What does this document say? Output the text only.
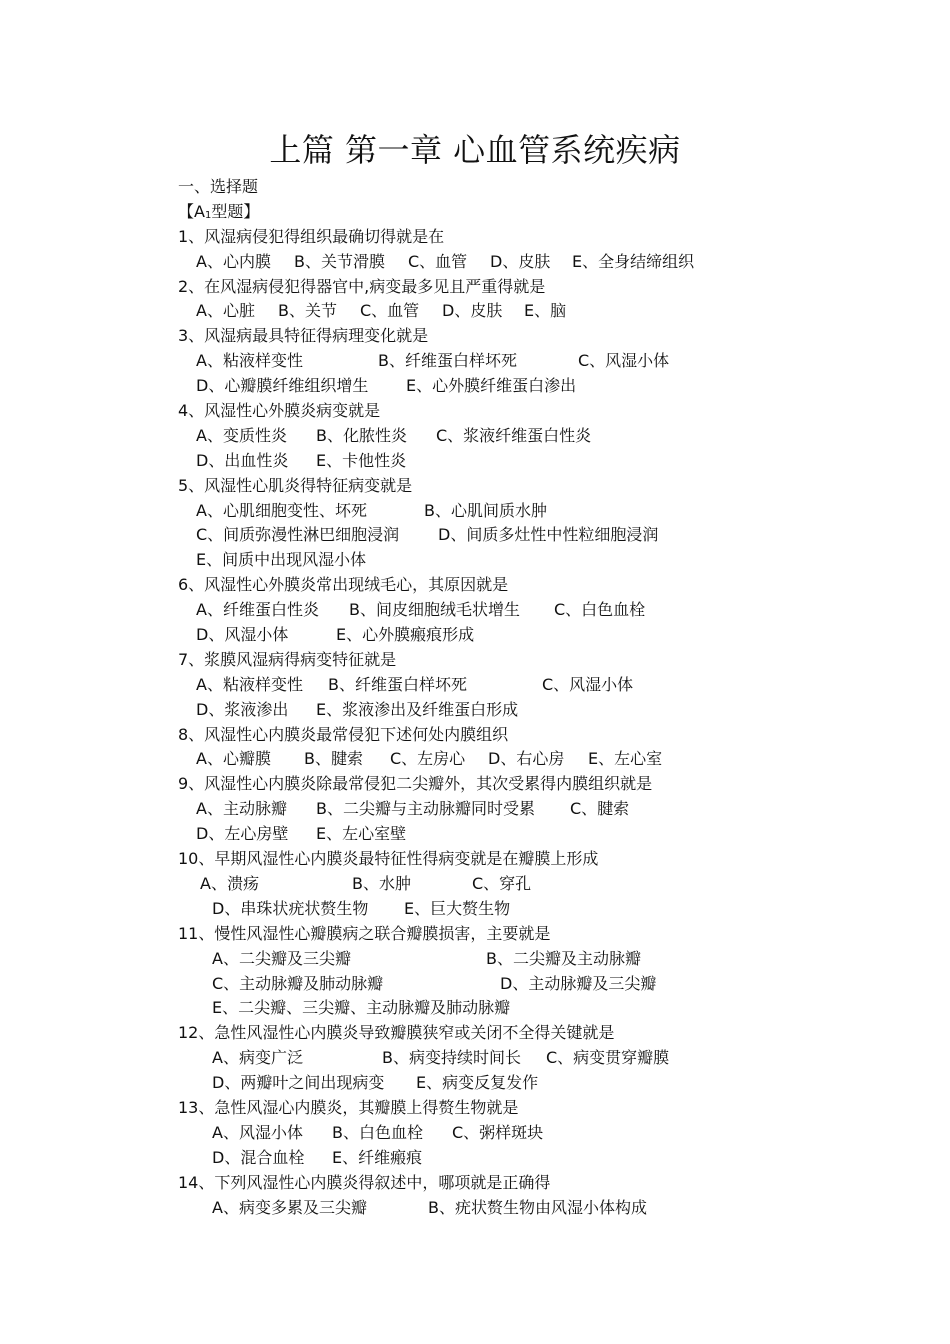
上篇 第一章 心血管系统疾病
一、选择题
【$A_1$型题】
1、风湿病侵犯得组织最确切得就是在
A、心内膜 B、关节滑膜 C、血管 D、皮肤 E、全身结缔组织
2、在风湿病侵犯得器官中,病变最多见且严重得就是
A、心脏 B、关节 C、血管 D、皮肤 E、脑
3、风湿病最具特征得病理变化就是
A、粘液样变性	B、纤维蛋白样坏死	C、风湿小体
D、心瓣膜纤维组织增生 E、心外膜纤维蛋白渗出
4、风湿性心外膜炎病变就是
A、变质性炎 B、化脓性炎 C、浆液纤维蛋白性炎
D、出血性炎 E、卡他性炎
5、风湿性心肌炎得特征病变就是
A、心肌细胞变性、坏死	B、心肌间质水肿
C、间质弥漫性淋巴细胞浸润 D、间质多灶性中性粒细胞浸润
E、间质中出现风湿小体
6、风湿性心外膜炎常出现绒毛心，其原因就是
A、纤维蛋白性炎 B、间皮细胞绒毛状增生 C、白色血栓
D、风湿小体	E、心外膜瘢痕形成
7、浆膜风湿病得病变特征就是
A、粘液样变性 B、纤维蛋白样坏死	C、风湿小体
D、浆液渗出 E、浆液渗出及纤维蛋白形成
8、风湿性心内膜炎最常侵犯下述何处内膜组织
A、心瓣膜 B、腱索 C、左房心 D、右心房 E、左心室
9、风湿性心内膜炎除最常侵犯二尖瓣外，其次受累得内膜组织就是
A、主动脉瓣 B、二尖瓣与主动脉瓣同时受累 C、腱索
D、左心房壁 E、左心室壁
10、早期风湿性心内膜炎最特征性得病变就是在瓣膜上形成
A、溃疡	B、水肿	C、穿孔
D、串珠状疣状赘生物 E、巨大赘生物
11、慢性风湿性心瓣膜病之联合瓣膜损害，主要就是
A、二尖瓣及三尖瓣	B、二尖瓣及主动脉瓣
C、主动脉瓣及肺动脉瓣	D、主动脉瓣及三尖瓣
E、二尖瓣、三尖瓣、主动脉瓣及肺动脉瓣
12、急性风湿性心内膜炎导致瓣膜狭窄或关闭不全得关键就是
A、病变广泛	B、病变持续时间长 C、病变贯穿瓣膜
D、两瓣叶之间出现病变 E、病变反复发作
13、急性风湿心内膜炎，其瓣膜上得赘生物就是
A、风湿小体 B、白色血栓 C、粥样斑块
D、混合血栓 E、纤维瘢痕
14、下列风湿性心内膜炎得叙述中，哪项就是正确得
A、病变多累及三尖瓣	B、疣状赘生物由风湿小体构成
